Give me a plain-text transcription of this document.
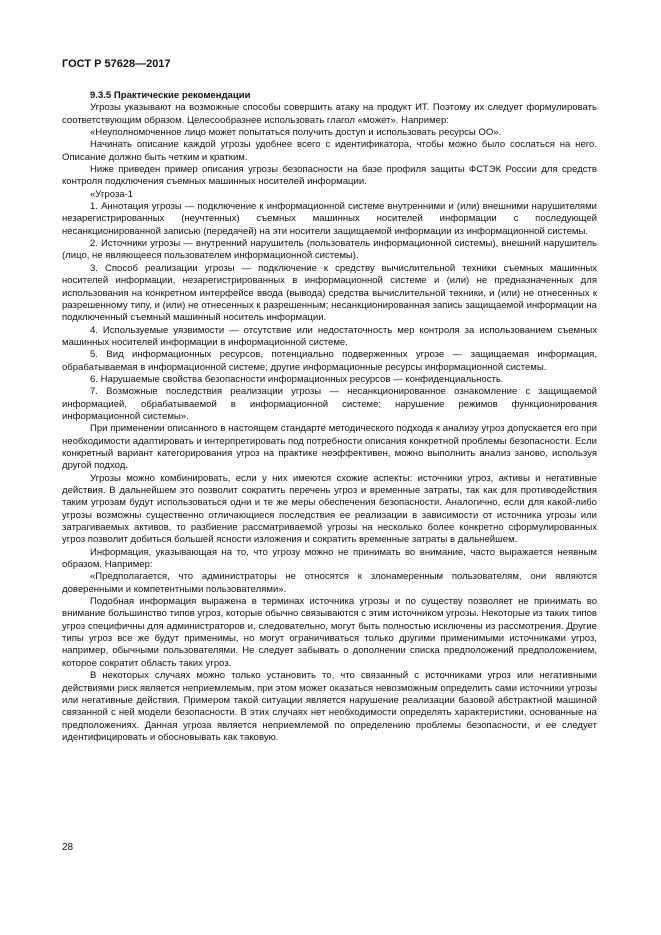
ГОСТ Р 57628—2017

9.3.5 Практические рекомендации

Угрозы указывают на возможные способы совершить атаку на продукт ИТ. Поэтому их следует формулировать соответствующим образом. Целесообразнее использовать глагол «может». Например:

«Неуполномоченное лицо может попытаться получить доступ и использовать ресурсы ОО».

Начинать описание каждой угрозы удобнее всего с идентификатора, чтобы можно было сослаться на него. Описание должно быть четким и кратким.

Ниже приведен пример описания угрозы безопасности на базе профиля защиты ФСТЭК России для средств контроля подключения съемных машинных носителей информации.

«Угроза-1

1. Аннотация угрозы — подключение к информационной системе внутренними и (или) внешними нарушителями незарегистрированных (неучтенных) съемных машинных носителей информации с последующей несанкционированной записью (передачей) на эти носители защищаемой информации из информационной системы.

2. Источники угрозы — внутренний нарушитель (пользователь информационной системы), внешний нарушитель (лицо, не являющееся пользователем информационной системы).

3. Способ реализации угрозы — подключение к средству вычислительной техники съемных машинных носителей информации, незарегистрированных в информационной системе и (или) не предназначенных для использования на конкретном интерфейсе ввода (вывода) средства вычислительной техники, и (или) не отнесенных к разрешенному типу, и (или) не отнесенных к разрешенным; несанкционированная запись защищаемой информации на подключенный съемный машинный носитель информации.

4. Используемые уязвимости — отсутствие или недостаточность мер контроля за использованием съемных машинных носителей информации в информационной системе.

5. Вид информационных ресурсов, потенциально подверженных угрозе — защищаемая информация, обрабатываемая в информационной системе; другие информационные ресурсы информационной системы.

6. Нарушаемые свойства безопасности информационных ресурсов — конфиденциальность.

7. Возможные последствия реализации угрозы — несанкционированное ознакомление с защищаемой информацией, обрабатываемой в информационной системе; нарушение режимов функционирования информационной системы».

При применении описанного в настоящем стандарте методического подхода к анализу угроз допускается его при необходимости адаптировать и интерпретировать под потребности описания конкретной проблемы безопасности. Если конкретный вариант категорирования угроз на практике неэффективен, можно выполнить анализ заново, используя другой подход.

Угрозы можно комбинировать, если у них имеются схожие аспекты: источники угроз, активы и негативные действия. В дальнейшем это позволит сократить перечень угроз и временные затраты, так как для противодействия таким угрозам будут использоваться одни и те же меры обеспечения безопасности. Аналогично, если для какой-либо угрозы возможны существенно отличающиеся последствия ее реализации в зависимости от источника угрозы или затрагиваемых активов, то разбиение рассматриваемой угрозы на несколько более конкретно сформулированных угроз позволит добиться большей ясности изложения и сократить временные затраты в дальнейшем.

Информация, указывающая на то, что угрозу можно не принимать во внимание, часто выражается неявным образом. Например:

«Предполагается, что администраторы не относятся к злонамеренным пользователям, они являются доверенными и компетентными пользователями».

Подобная информация выражена в терминах источника угрозы и по существу позволяет не принимать во внимание большинство типов угроз, которые обычно связываются с этим источником угрозы. Некоторые из таких типов угроз специфичны для администраторов и, следовательно, могут быть полностью исключены из рассмотрения. Другие типы угроз все же будут применимы, но могут ограничиваться только другими применимыми источниками угроз, например, обычными пользователями. Не следует забывать о дополнении списка предположений предположением, которое сократит область таких угроз.

В некоторых случаях можно только установить то, что связанный с источниками угроз или негативными действиями риск является неприемлемым, при этом может оказаться невозможным определить сами источники угрозы или негативные действия. Примером такой ситуации является нарушение реализации базовой абстрактной машиной связанной с ней модели безопасности. В этих случаях нет необходимости определять характеристики, основанные на предположениях. Данная угроза является неприемлемой по определению проблемы безопасности, и ее следует идентифицировать и обосновывать как таковую.

28
